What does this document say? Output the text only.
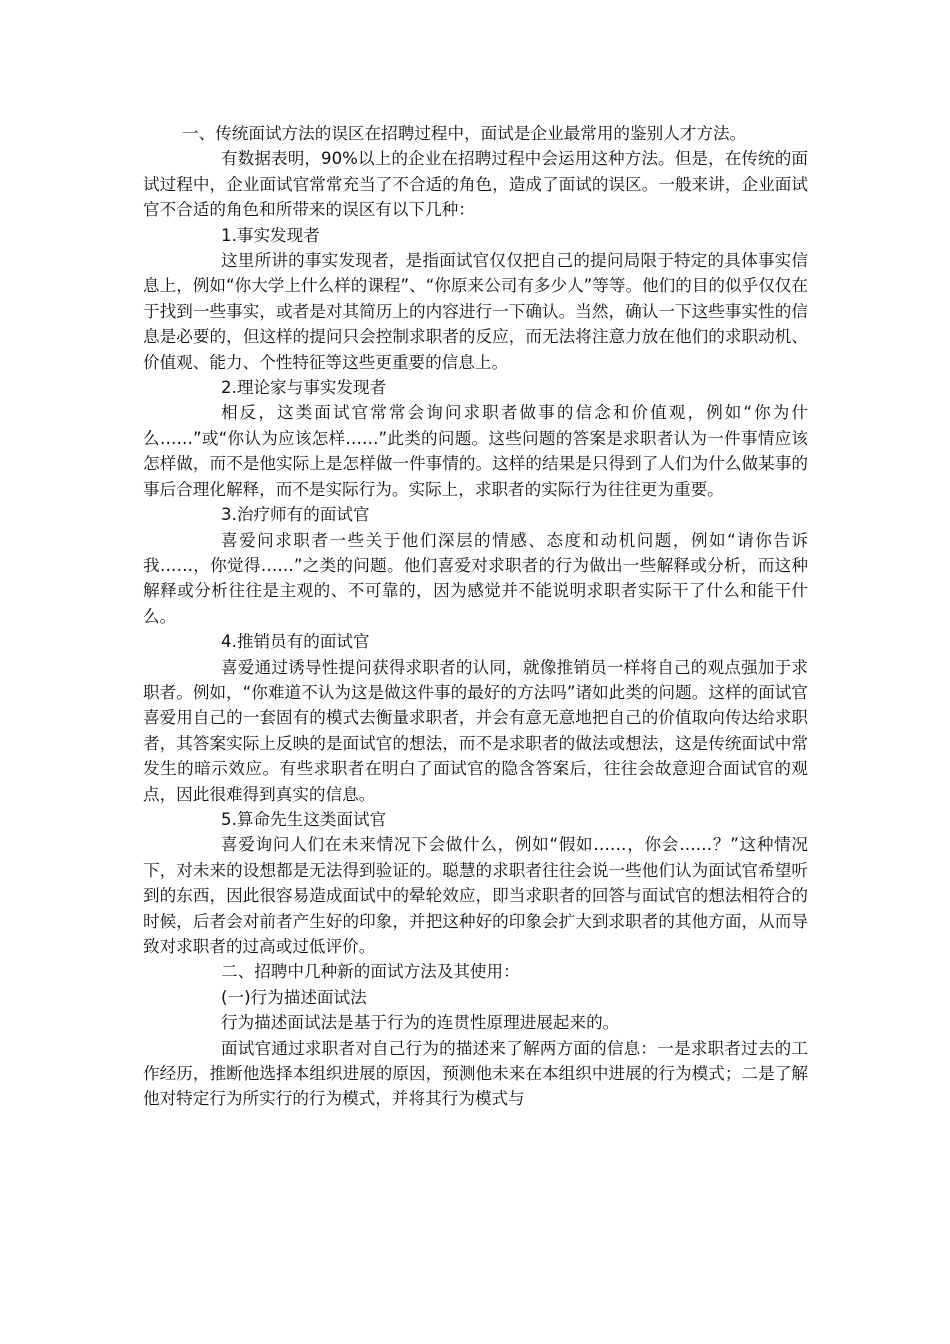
一、传统面试方法的误区在招聘过程中，面试是企业最常用的鉴别人才方法。

有数据表明，90%以上的企业在招聘过程中会运用这种方法。但是，在传统的面试过程中，企业面试官常常充当了不合适的角色，造成了面试的误区。一般来讲，企业面试官不合适的角色和所带来的误区有以下几种：

1.事实发现者

这里所讲的事实发现者，是指面试官仅仅把自己的提问局限于特定的具体事实信息上，例如“你大学上什么样的课程”、“你原来公司有多少人”等等。他们的目的似乎仅仅在于找到一些事实，或者是对其简历上的内容进行一下确认。当然，确认一下这些事实性的信息是必要的，但这样的提问只会控制求职者的反应，而无法将注意力放在他们的求职动机、价值观、能力、个性特征等这些更重要的信息上。

2.理论家与事实发现者

相反，这类面试官常常会询问求职者做事的信念和价值观，例如“你为什么……”或“你认为应该怎样……”此类的问题。这些问题的答案是求职者认为一件事情应该怎样做，而不是他实际上是怎样做一件事情的。这样的结果是只得到了人们为什么做某事的事后合理化解释，而不是实际行为。实际上，求职者的实际行为往往更为重要。

3.治疗师有的面试官

喜爱问求职者一些关于他们深层的情感、态度和动机问题，例如“请你告诉我……，你觉得……”之类的问题。他们喜爱对求职者的行为做出一些解释或分析，而这种解释或分析往往是主观的、不可靠的，因为感觉并不能说明求职者实际干了什么和能干什么。

4.推销员有的面试官

喜爱通过诱导性提问获得求职者的认同，就像推销员一样将自己的观点强加于求职者。例如，“你难道不认为这是做这件事的最好的方法吗”诸如此类的问题。这样的面试官喜爱用自己的一套固有的模式去衡量求职者，并会有意无意地把自己的价值取向传达给求职者，其答案实际上反映的是面试官的想法，而不是求职者的做法或想法，这是传统面试中常发生的暗示效应。有些求职者在明白了面试官的隐含答案后，往往会故意迎合面试官的观点，因此很难得到真实的信息。

5.算命先生这类面试官

喜爱询问人们在未来情况下会做什么，例如“假如……，你会……？”这种情况下，对未来的设想都是无法得到验证的。聪慧的求职者往往会说一些他们认为面试官希望听到的东西，因此很容易造成面试中的晕轮效应，即当求职者的回答与面试官的想法相符合的时候，后者会对前者产生好的印象，并把这种好的印象会扩大到求职者的其他方面，从而导致对求职者的过高或过低评价。

二、招聘中几种新的面试方法及其使用：

(一)行为描述面试法

行为描述面试法是基于行为的连贯性原理进展起来的。

面试官通过求职者对自己行为的描述来了解两方面的信息：一是求职者过去的工作经历，推断他选择本组织进展的原因，预测他未来在本组织中进展的行为模式；二是了解他对特定行为所实行的行为模式，并将其行为模式与
